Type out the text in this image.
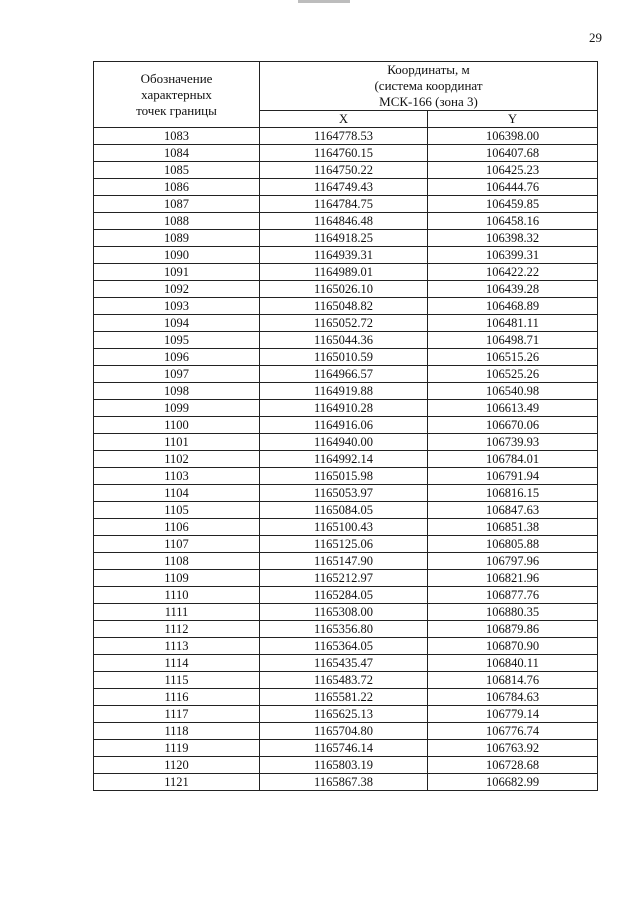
29
Обозначение
характерных
точек границы	Координаты, м
(система координат
МСК-166 (зона 3)	

	X	Y
1083	1164778.53	106398.00
1084	1164760.15	106407.68
1085	1164750.22	106425.23
1086	1164749.43	106444.76
1087	1164784.75	106459.85
1088	1164846.48	106458.16
1089	1164918.25	106398.32
1090	1164939.31	106399.31
1091	1164989.01	106422.22
1092	1165026.10	106439.28
1093	1165048.82	106468.89
1094	1165052.72	106481.11
1095	1165044.36	106498.71
1096	1165010.59	106515.26
1097	1164966.57	106525.26
1098	1164919.88	106540.98
1099	1164910.28	106613.49
1100	1164916.06	106670.06
1101	1164940.00	106739.93
1102	1164992.14	106784.01
1103	1165015.98	106791.94
1104	1165053.97	106816.15
1105	1165084.05	106847.63
1106	1165100.43	106851.38
1107	1165125.06	106805.88
1108	1165147.90	106797.96
1109	1165212.97	106821.96
1110	1165284.05	106877.76
1111	1165308.00	106880.35
1112	1165356.80	106879.86
1113	1165364.05	106870.90
1114	1165435.47	106840.11
1115	1165483.72	106814.76
1116	1165581.22	106784.63
1117	1165625.13	106779.14
1118	1165704.80	106776.74
1119	1165746.14	106763.92
1120	1165803.19	106728.68
1121	1165867.38	106682.99
